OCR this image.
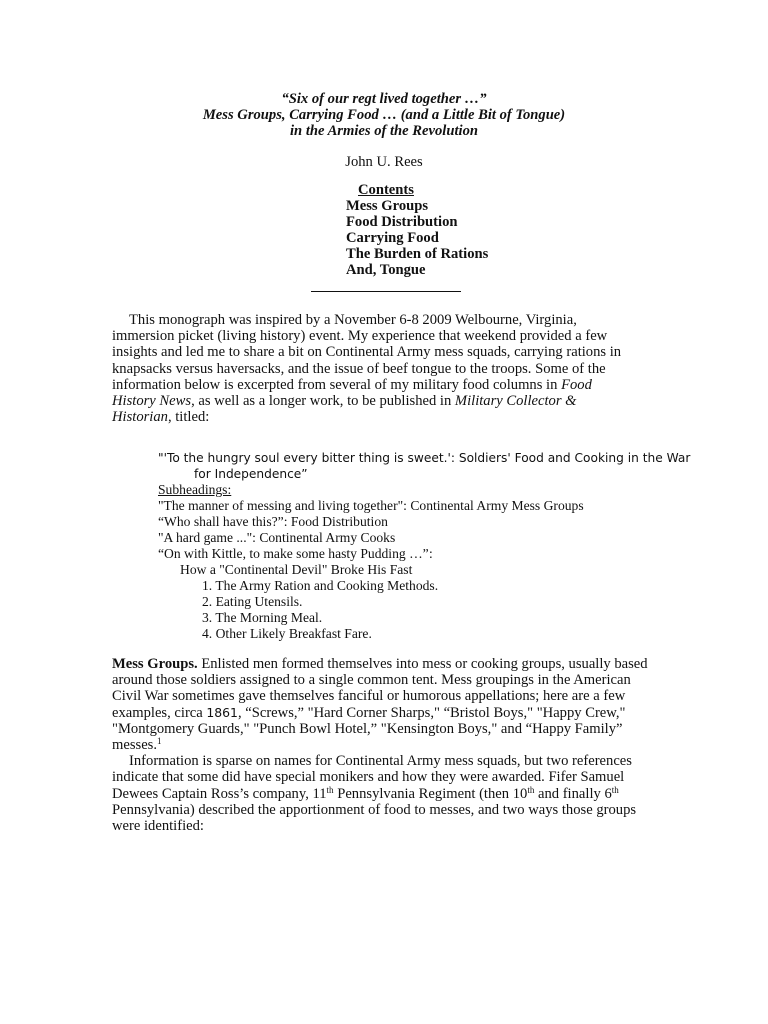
“Six of our regt lived together …”
Mess Groups, Carrying Food … (and a Little Bit of Tongue)
in the Armies of the Revolution
John U. Rees
Contents
Mess Groups
Food Distribution
Carrying Food
The Burden of Rations
And, Tongue

This monograph was inspired by a November 6-8 2009 Welbourne, Virginia,

immersion picket (living history) event. My experience that weekend provided a few

insights and led me to share a bit on Continental Army mess squads, carrying rations in

knapsacks versus haversacks, and the issue of beef tongue to the troops. Some of the

information below is excerpted from several of my military food columns in Food

History News, as well as a longer work, to be published in Military Collector &

Historian, titled:

"'To the hungry soul every bitter thing is sweet.': Soldiers' Food and Cooking in the War
for Independence”
Subheadings:
"The manner of messing and living together": Continental Army Mess Groups
“Who shall have this?”: Food Distribution
"A hard game ...": Continental Army Cooks
“On with Kittle, to make some hasty Pudding …”:
How a "Continental Devil" Broke His Fast
1. The Army Ration and Cooking Methods.
2. Eating Utensils.
3. The Morning Meal.
4. Other Likely Breakfast Fare.
Mess Groups. Enlisted men formed themselves into mess or cooking groups, usually based
around those soldiers assigned to a single common tent. Mess groupings in the American
Civil War sometimes gave themselves fanciful or humorous appellations; here are a few
examples, circa 1861, “Screws,” "Hard Corner Sharps," “Bristol Boys," "Happy Crew,"
"Montgomery Guards," "Punch Bowl Hotel,” "Kensington Boys," and “Happy Family”
messes.$^1$
Information is sparse on names for Continental Army mess squads, but two references
indicate that some did have special monikers and how they were awarded. Fifer Samuel
Dewees Captain Ross’s company, 11th Pennsylvania Regiment (then 10th and finally 6th
Pennsylvania) described the apportionment of food to messes, and two ways those groups
were identified:
